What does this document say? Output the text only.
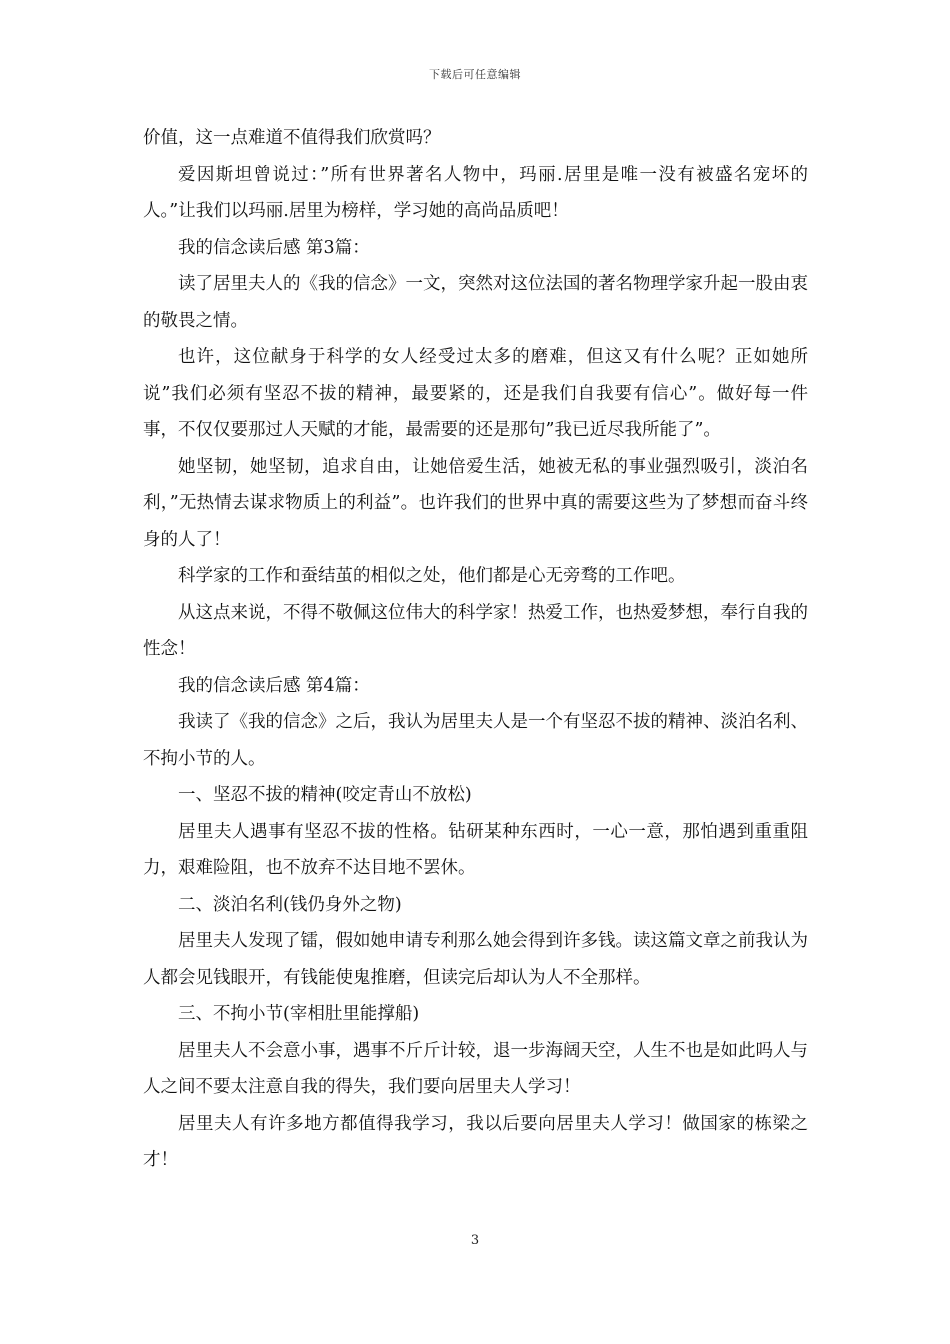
下载后可任意编辑

价值，这一点难道不值得我们欣赏吗？

爱因斯坦曾说过：”所有世界著名人物中，玛丽.居里是唯一没有被盛名宠坏的人。”让我们以玛丽.居里为榜样，学习她的高尚品质吧！

我的信念读后感 第3篇：

读了居里夫人的《我的信念》一文，突然对这位法国的著名物理学家升起一股由衷的敬畏之情。

也许，这位献身于科学的女人经受过太多的磨难，但这又有什么呢？正如她所说”我们必须有坚忍不拔的精神，最要紧的，还是我们自我要有信心”。做好每一件事，不仅仅要那过人天赋的才能，最需要的还是那句”我已近尽我所能了”。

她坚韧，她坚韧，追求自由，让她倍爱生活，她被无私的事业强烈吸引，淡泊名利，”无热情去谋求物质上的利益”。也许我们的世界中真的需要这些为了梦想而奋斗终身的人了！

科学家的工作和蚕结茧的相似之处，他们都是心无旁骛的工作吧。

从这点来说，不得不敬佩这位伟大的科学家！热爱工作，也热爱梦想，奉行自我的性念！

我的信念读后感 第4篇：

我读了《我的信念》之后，我认为居里夫人是一个有坚忍不拔的精神、淡泊名利、不拘小节的人。

一、坚忍不拔的精神(咬定青山不放松)

居里夫人遇事有坚忍不拔的性格。钻研某种东西时，一心一意，那怕遇到重重阻力，艰难险阻，也不放弃不达目地不罢休。

二、淡泊名利(钱仍身外之物)

居里夫人发现了镭，假如她申请专利那么她会得到许多钱。读这篇文章之前我认为人都会见钱眼开，有钱能使鬼推磨，但读完后却认为人不全那样。

三、不拘小节(宰相肚里能撑船)

居里夫人不会意小事，遇事不斤斤计较，退一步海阔天空，人生不也是如此吗人与人之间不要太注意自我的得失，我们要向居里夫人学习！

居里夫人有许多地方都值得我学习，我以后要向居里夫人学习！做国家的栋梁之才！

3
